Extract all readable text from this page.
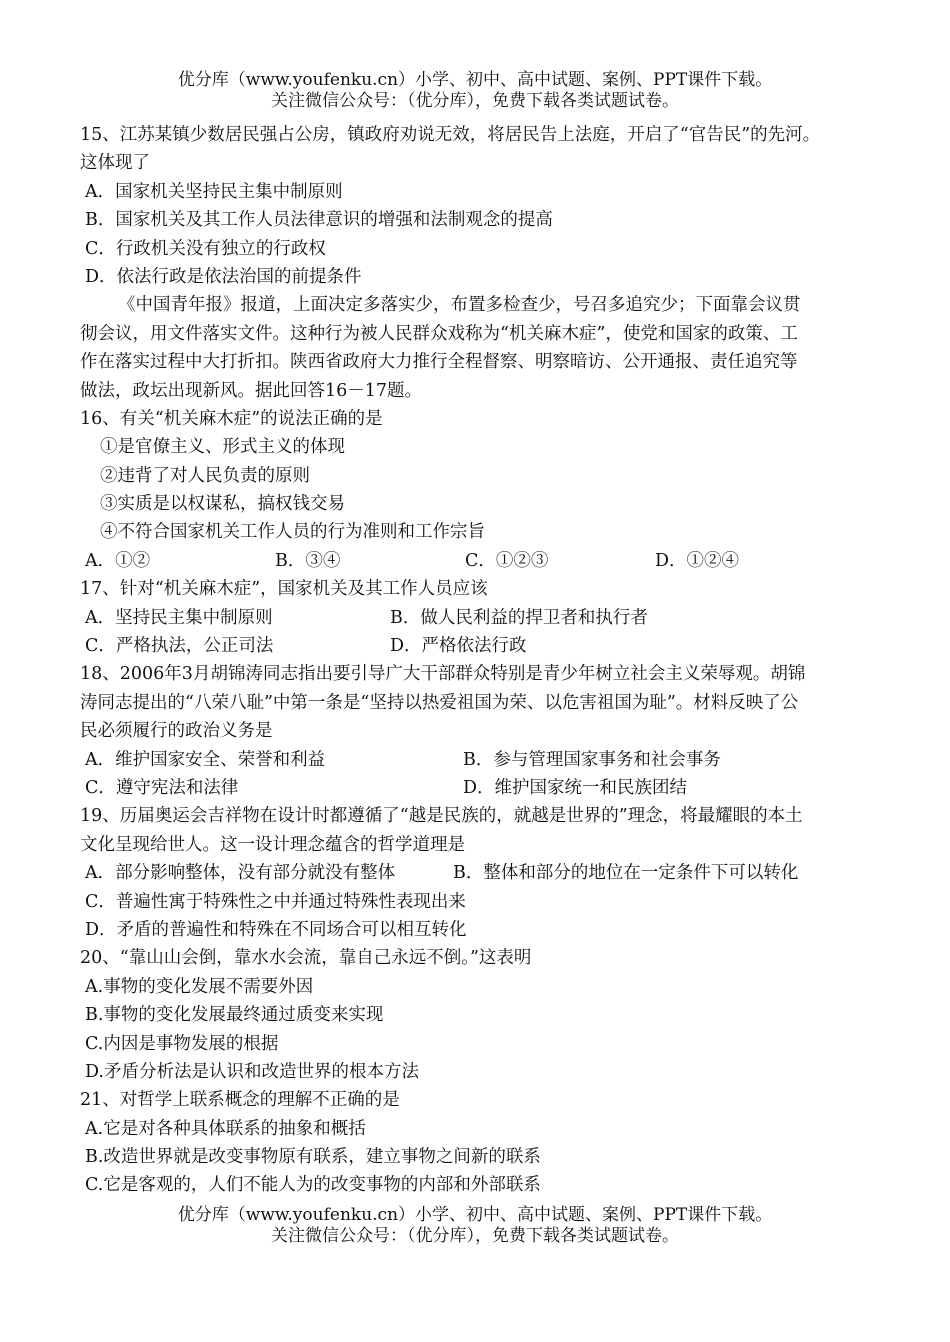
优分库（www.youfenku.cn）小学、初中、高中试题、案例、PPT课件下载。
关注微信公众号：（优分库），免费下载各类试题试卷。
15、江苏某镇少数居民强占公房，镇政府劝说无效，将居民告上法庭，开启了“官告民”的先河。
这体现了
A．国家机关坚持民主集中制原则
B．国家机关及其工作人员法律意识的增强和法制观念的提高
C．行政机关没有独立的行政权
D．依法行政是依法治国的前提条件
《中国青年报》报道，上面决定多落实少，布置多检查少，号召多追究少；下面靠会议贯
彻会议，用文件落实文件。这种行为被人民群众戏称为“机关麻木症”，使党和国家的政策、工
作在落实过程中大打折扣。陕西省政府大力推行全程督察、明察暗访、公开通报、责任追究等
做法，政坛出现新风。据此回答16－17题。
16、有关“机关麻木症”的说法正确的是
①是官僚主义、形式主义的体现
②违背了对人民负责的原则
③实质是以权谋私，搞权钱交易
④不符合国家机关工作人员的行为准则和工作宗旨
A．①②	B．③④	C．①②③	D．①②④
17、针对“机关麻木症”，国家机关及其工作人员应该
A．坚持民主集中制原则	B．做人民利益的捍卫者和执行者
C．严格执法，公正司法	D．严格依法行政
18、2006年3月胡锦涛同志指出要引导广大干部群众特别是青少年树立社会主义荣辱观。胡锦
涛同志提出的“八荣八耻”中第一条是“坚持以热爱祖国为荣、以危害祖国为耻”。材料反映了公
民必须履行的政治义务是
A．维护国家安全、荣誉和利益	B．参与管理国家事务和社会事务
C．遵守宪法和法律	D．维护国家统一和民族团结
19、历届奥运会吉祥物在设计时都遵循了“越是民族的，就越是世界的”理念，将最耀眼的本土
文化呈现给世人。这一设计理念蕴含的哲学道理是
A．部分影响整体，没有部分就没有整体	B．整体和部分的地位在一定条件下可以转化
C．普遍性寓于特殊性之中并通过特殊性表现出来
D．矛盾的普遍性和特殊在不同场合可以相互转化
20、“靠山山会倒，靠水水会流，靠自己永远不倒。”这表明
A.事物的变化发展不需要外因
B.事物的变化发展最终通过质变来实现
C.内因是事物发展的根据
D.矛盾分析法是认识和改造世界的根本方法
21、对哲学上联系概念的理解不正确的是
A.它是对各种具体联系的抽象和概括
B.改造世界就是改变事物原有联系，建立事物之间新的联系
C.它是客观的，人们不能人为的改变事物的内部和外部联系
优分库（www.youfenku.cn）小学、初中、高中试题、案例、PPT课件下载。
关注微信公众号：（优分库），免费下载各类试题试卷。
